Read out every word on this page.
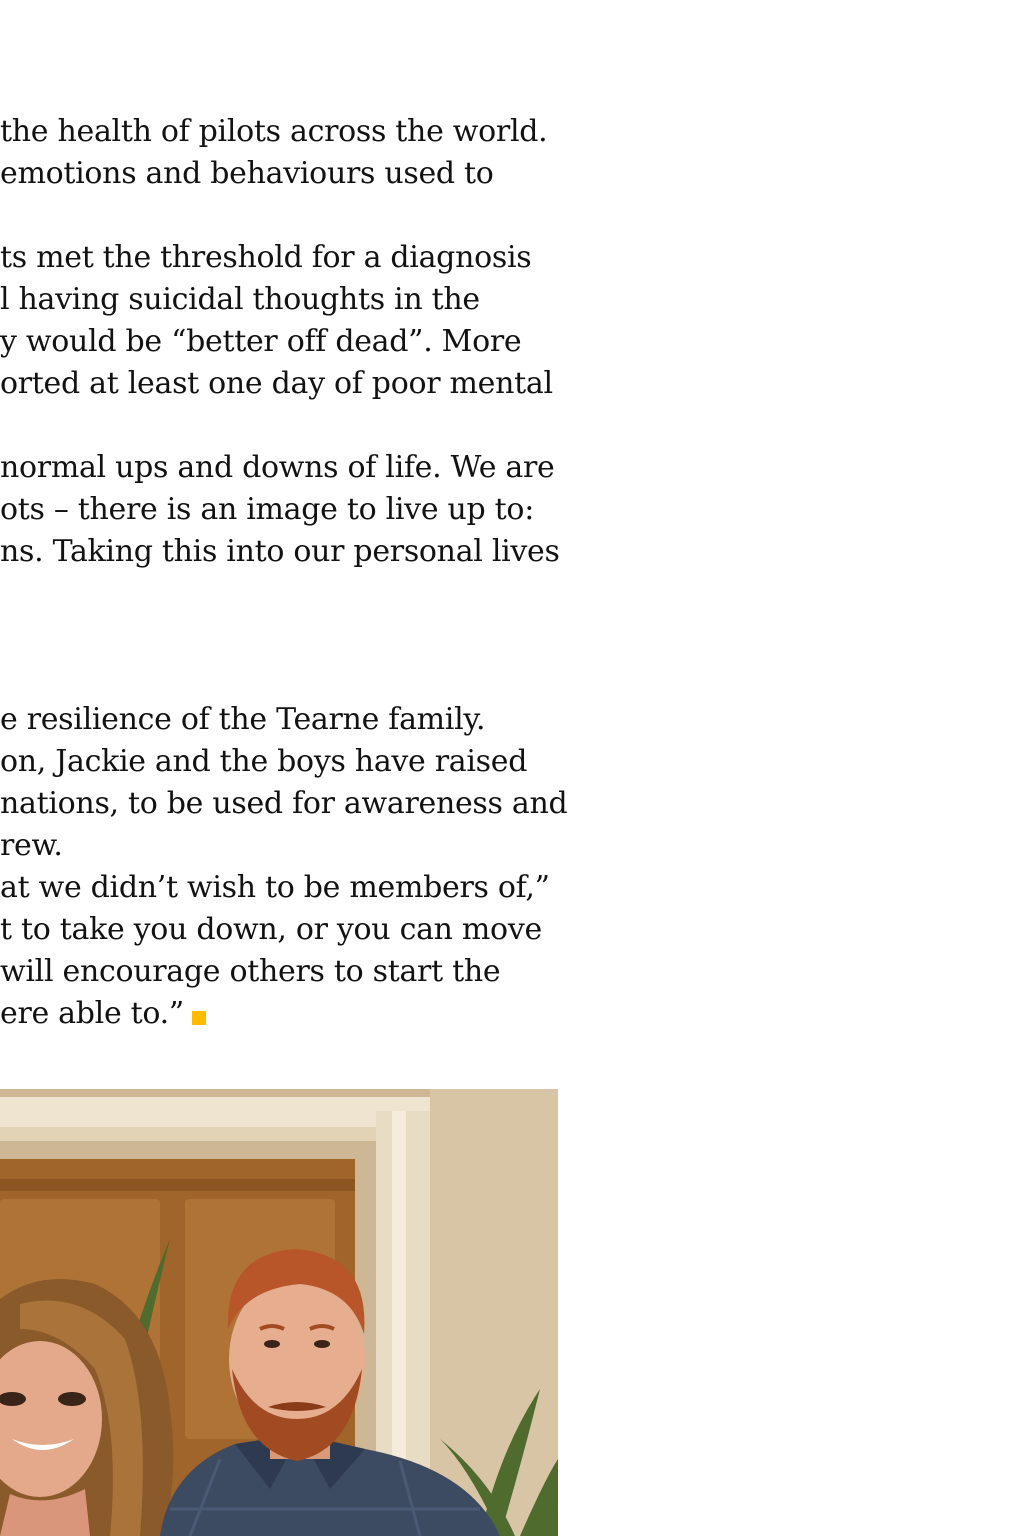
the health of pilots across the world.

emotions and behaviours used to

ts met the threshold for a diagnosis

l having suicidal thoughts in the

y would be “better off dead”. More

orted at least one day of poor mental

normal ups and downs of life. We are

ots – there is an image to live up to:

ns. Taking this into our personal lives

e resilience of the Tearne family.

on, Jackie and the boys have raised

nations, to be used for awareness and

rew.

at we didn’t wish to be members of,”

t to take you down, or you can move

will encourage others to start the

ere able to.”
